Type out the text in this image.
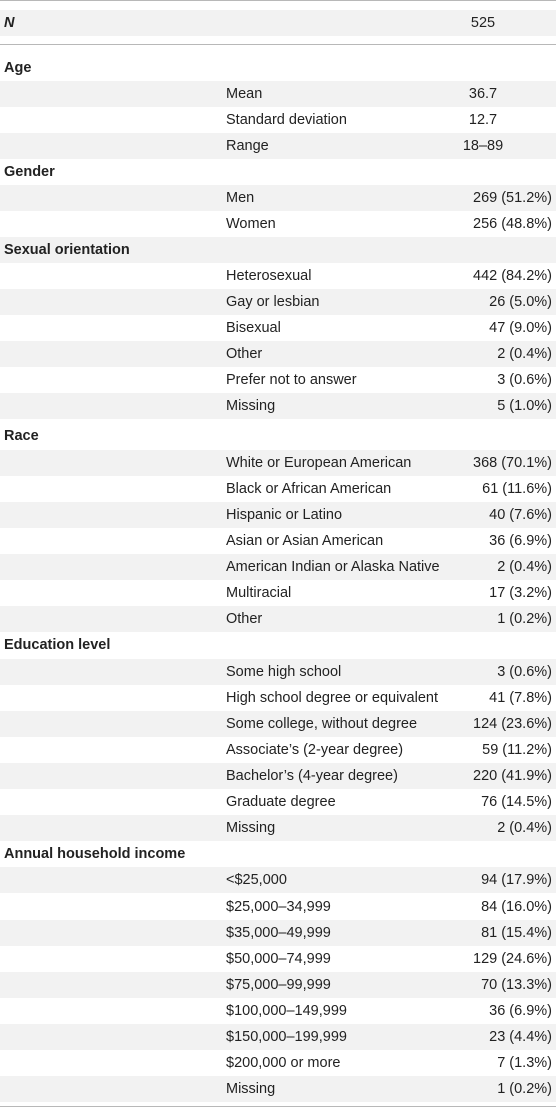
N	525
Age
Mean	36.7
Standard deviation	12.7
Range	18–89
Gender
Men	269 (51.2%)
Women	256 (48.8%)
Sexual orientation
Heterosexual	442 (84.2%)
Gay or lesbian	26 (5.0%)
Bisexual	47 (9.0%)
Other	2 (0.4%)
Prefer not to answer	3 (0.6%)
Missing	5 (1.0%)
Race
White or European American	368 (70.1%)
Black or African American	61 (11.6%)
Hispanic or Latino	40 (7.6%)
Asian or Asian American	36 (6.9%)
American Indian or Alaska Native	2 (0.4%)
Multiracial	17 (3.2%)
Other	1 (0.2%)
Education level
Some high school	3 (0.6%)
High school degree or equivalent	41 (7.8%)
Some college, without degree	124 (23.6%)
Associate’s (2-year degree)	59 (11.2%)
Bachelor’s (4-year degree)	220 (41.9%)
Graduate degree	76 (14.5%)
Missing	2 (0.4%)
Annual household income
<$25,000	94 (17.9%)
$25,000–34,999	84 (16.0%)
$35,000–49,999	81 (15.4%)
$50,000–74,999	129 (24.6%)
$75,000–99,999	70 (13.3%)
$100,000–149,999	36 (6.9%)
$150,000–199,999	23 (4.4%)
$200,000 or more	7 (1.3%)
Missing	1 (0.2%)
